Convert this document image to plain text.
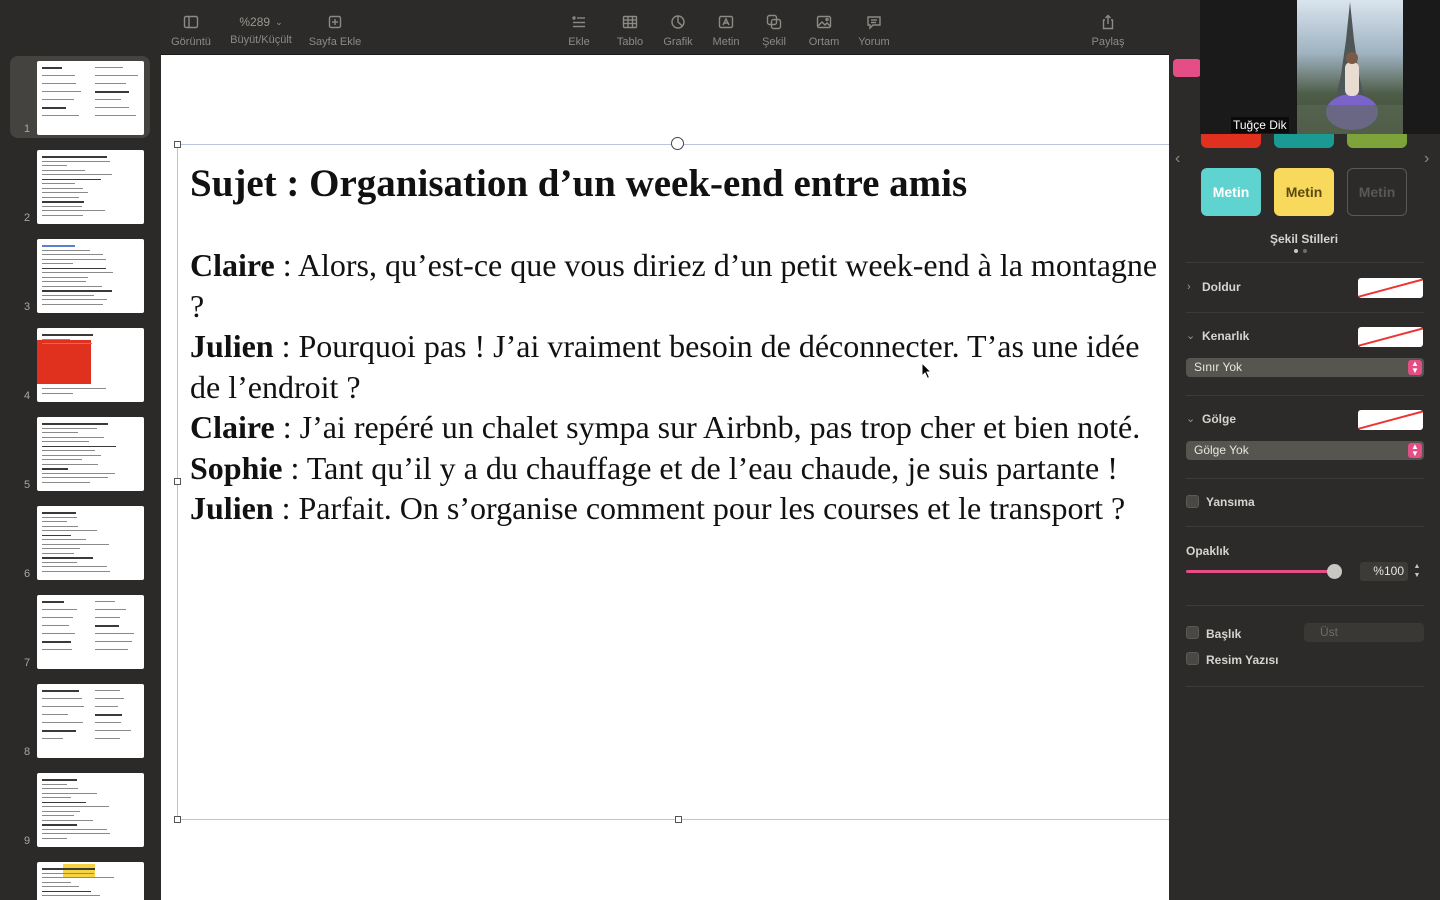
1
2
3
4
5
6
7
8
9
Görüntü
%289 ⌄
Büyüt/Küçült Sayfa Ekle	Ekle Tablo Grafik Metin Şekil Ortam Yorum	Paylaş
Sujet : Organisation d’un week-end entre amis
Claire : Alors, qu’est-ce que vous diriez d’un petit week-end à la montagne ?
Julien : Pourquoi pas ! J’ai vraiment besoin de déconnecter. T’as une idée de l’endroit ?
Claire : J’ai repéré un chalet sympa sur Airbnb, pas trop cher et bien noté.
Sophie : Tant qu’il y a du chauffage et de l’eau chaude, je suis partante !
Julien : Parfait. On s’organise comment pour les courses et le transport ?
Tuğçe Dik
‹	›
Metin	Metin	Metin
Şekil Stilleri
› Doldur
⌄ Kenarlık
Sınır Yok	▲
▼
⌄ Gölge
Gölge Yok	▲
▼
Yansıma
Opaklık
%100	▲
▼
Başlık	Üst
Resim Yazısı
